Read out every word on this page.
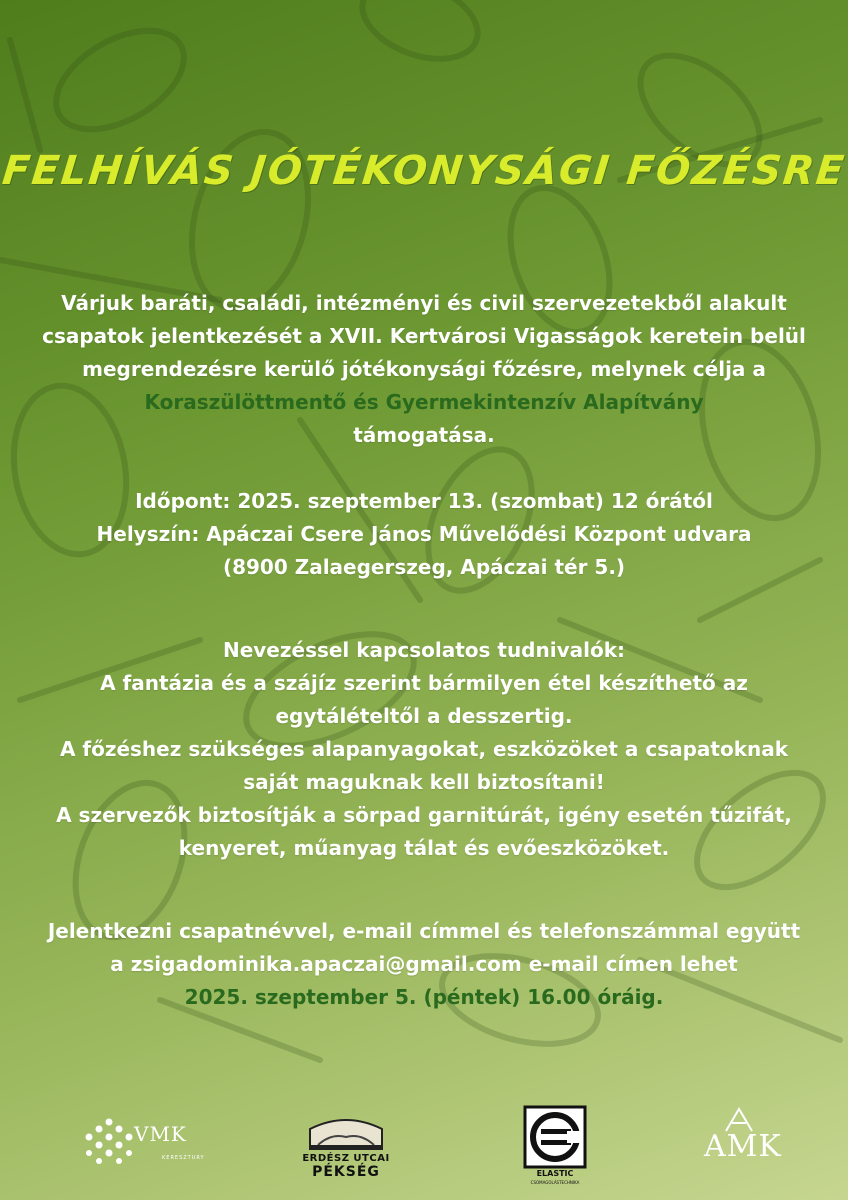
FELHÍVÁS JÓTÉKONYSÁGI FŐZÉSRE

Várjuk baráti, családi, intézményi és civil szervezetekből alakult

csapatok jelentkezését a XVII. Kertvárosi Vigasságok keretein belül

megrendezésre kerülő jótékonysági főzésre, melynek célja a

Koraszülöttmentő és Gyermekintenzív Alapítvány

támogatása.

Időpont: 2025. szeptember 13. (szombat) 12 órától

Helyszín: Apáczai Csere János Művelődési Központ udvara

(8900 Zalaegerszeg, Apáczai tér 5.)

Nevezéssel kapcsolatos tudnivalók:

A fantázia és a szájíz szerint bármilyen étel készíthető az

egytálételtől a desszertig.

A főzéshez szükséges alapanyagokat, eszközöket a csapatoknak

saját maguknak kell biztosítani!

A szervezők biztosítják a sörpad garnitúrát, igény esetén tűzifát,

kenyeret, műanyag tálat és evőeszközöket.

Jelentkezni csapatnévvel, e-mail címmel és telefonszámmal együtt

a zsigadominika.apaczai@gmail.com e-mail címen lehet

2025. szeptember 5. (péntek) 16.00 óráig.

VMK
KERESZTURY	ERDÉSZ UTCAI
PÉKSÉG	ELASTIC
CSOMAGOLÁSTECHNIKA
AMK
